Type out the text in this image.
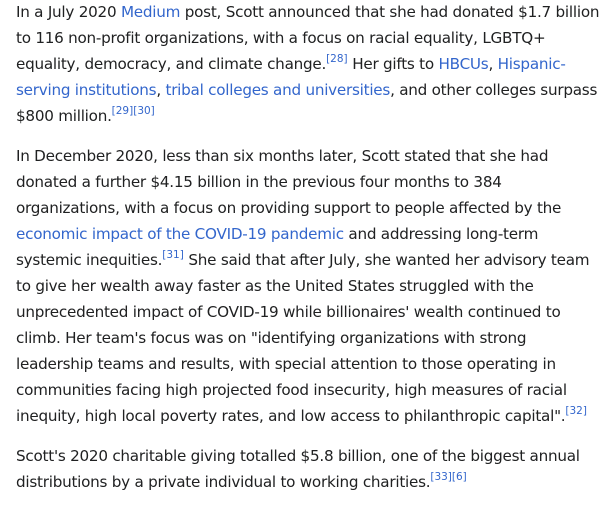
In a July 2020 Medium post, Scott announced that she had donated $1.7 billion to 116 non-profit organizations, with a focus on racial equality, LGBTQ+ equality, democracy, and climate change.[28] Her gifts to HBCUs, Hispanic-serving institutions, tribal colleges and universities, and other colleges surpass $800 million.[29][30]

In December 2020, less than six months later, Scott stated that she had donated a further $4.15 billion in the previous four months to 384 organizations, with a focus on providing support to people affected by the economic impact of the COVID-19 pandemic and addressing long-term systemic inequities.[31] She said that after July, she wanted her advisory team to give her wealth away faster as the United States struggled with the unprecedented impact of COVID-19 while billionaires' wealth continued to climb. Her team's focus was on "identifying organizations with strong leadership teams and results, with special attention to those operating in communities facing high projected food insecurity, high measures of racial inequity, high local poverty rates, and low access to philanthropic capital".[32]

Scott's 2020 charitable giving totalled $5.8 billion, one of the biggest annual distributions by a private individual to working charities.[33][6]
